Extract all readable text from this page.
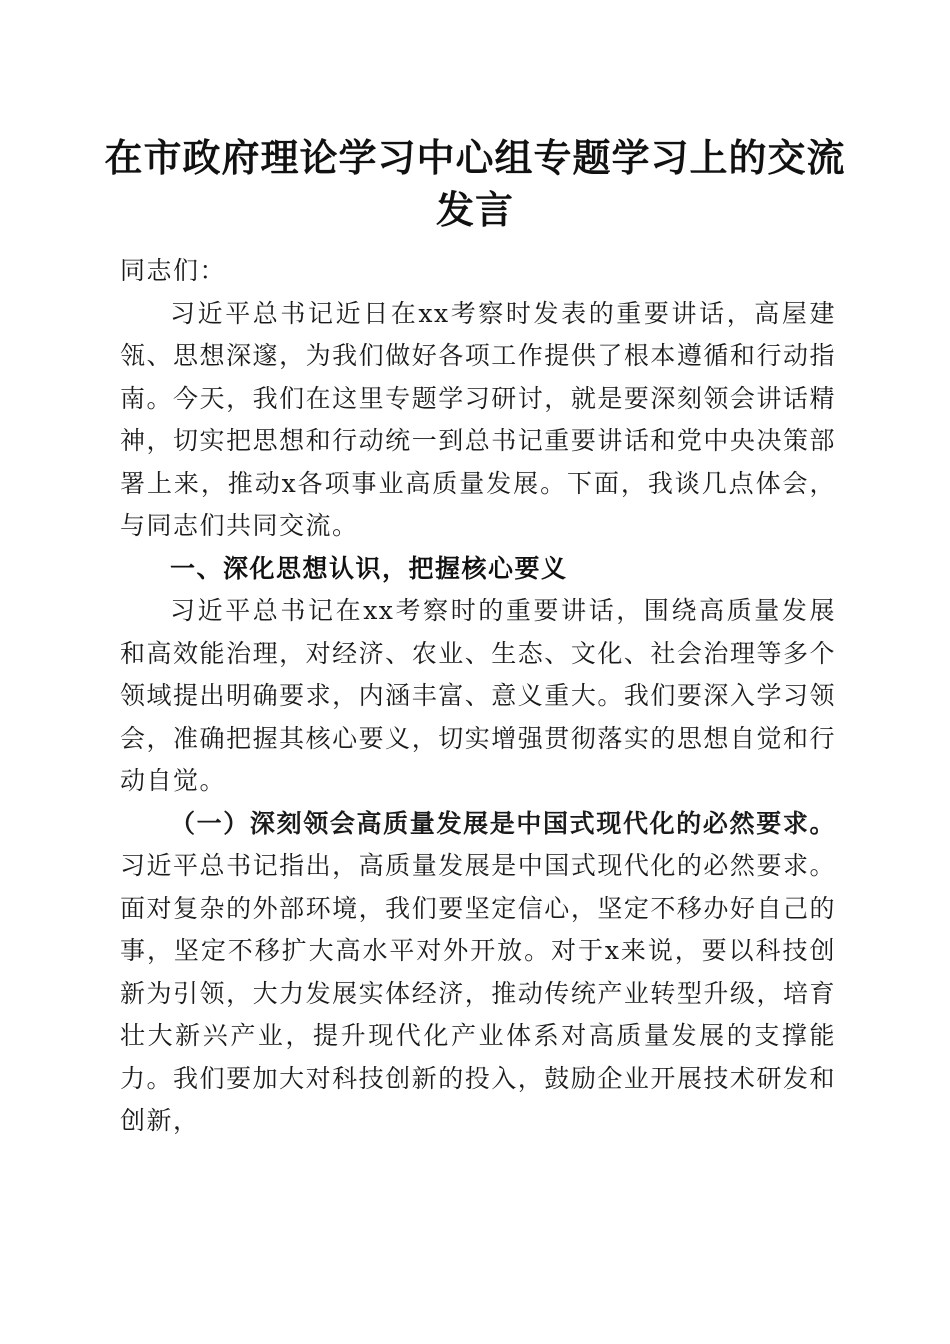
在市政府理论学习中心组专题学习上的交流发言

同志们：

习近平总书记近日在xx考察时发表的重要讲话，高屋建瓴、思想深邃，为我们做好各项工作提供了根本遵循和行动指南。今天，我们在这里专题学习研讨，就是要深刻领会讲话精神，切实把思想和行动统一到总书记重要讲话和党中央决策部署上来，推动x各项事业高质量发展。下面，我谈几点体会，与同志们共同交流。

一、深化思想认识，把握核心要义

习近平总书记在xx考察时的重要讲话，围绕高质量发展和高效能治理，对经济、农业、生态、文化、社会治理等多个领域提出明确要求，内涵丰富、意义重大。我们要深入学习领会，准确把握其核心要义，切实增强贯彻落实的思想自觉和行动自觉。

（一）深刻领会高质量发展是中国式现代化的必然要求。习近平总书记指出，高质量发展是中国式现代化的必然要求。面对复杂的外部环境，我们要坚定信心，坚定不移办好自己的事，坚定不移扩大高水平对外开放。对于x来说，要以科技创新为引领，大力发展实体经济，推动传统产业转型升级，培育壮大新兴产业，提升现代化产业体系对高质量发展的支撑能力。我们要加大对科技创新的投入，鼓励企业开展技术研发和创新，
